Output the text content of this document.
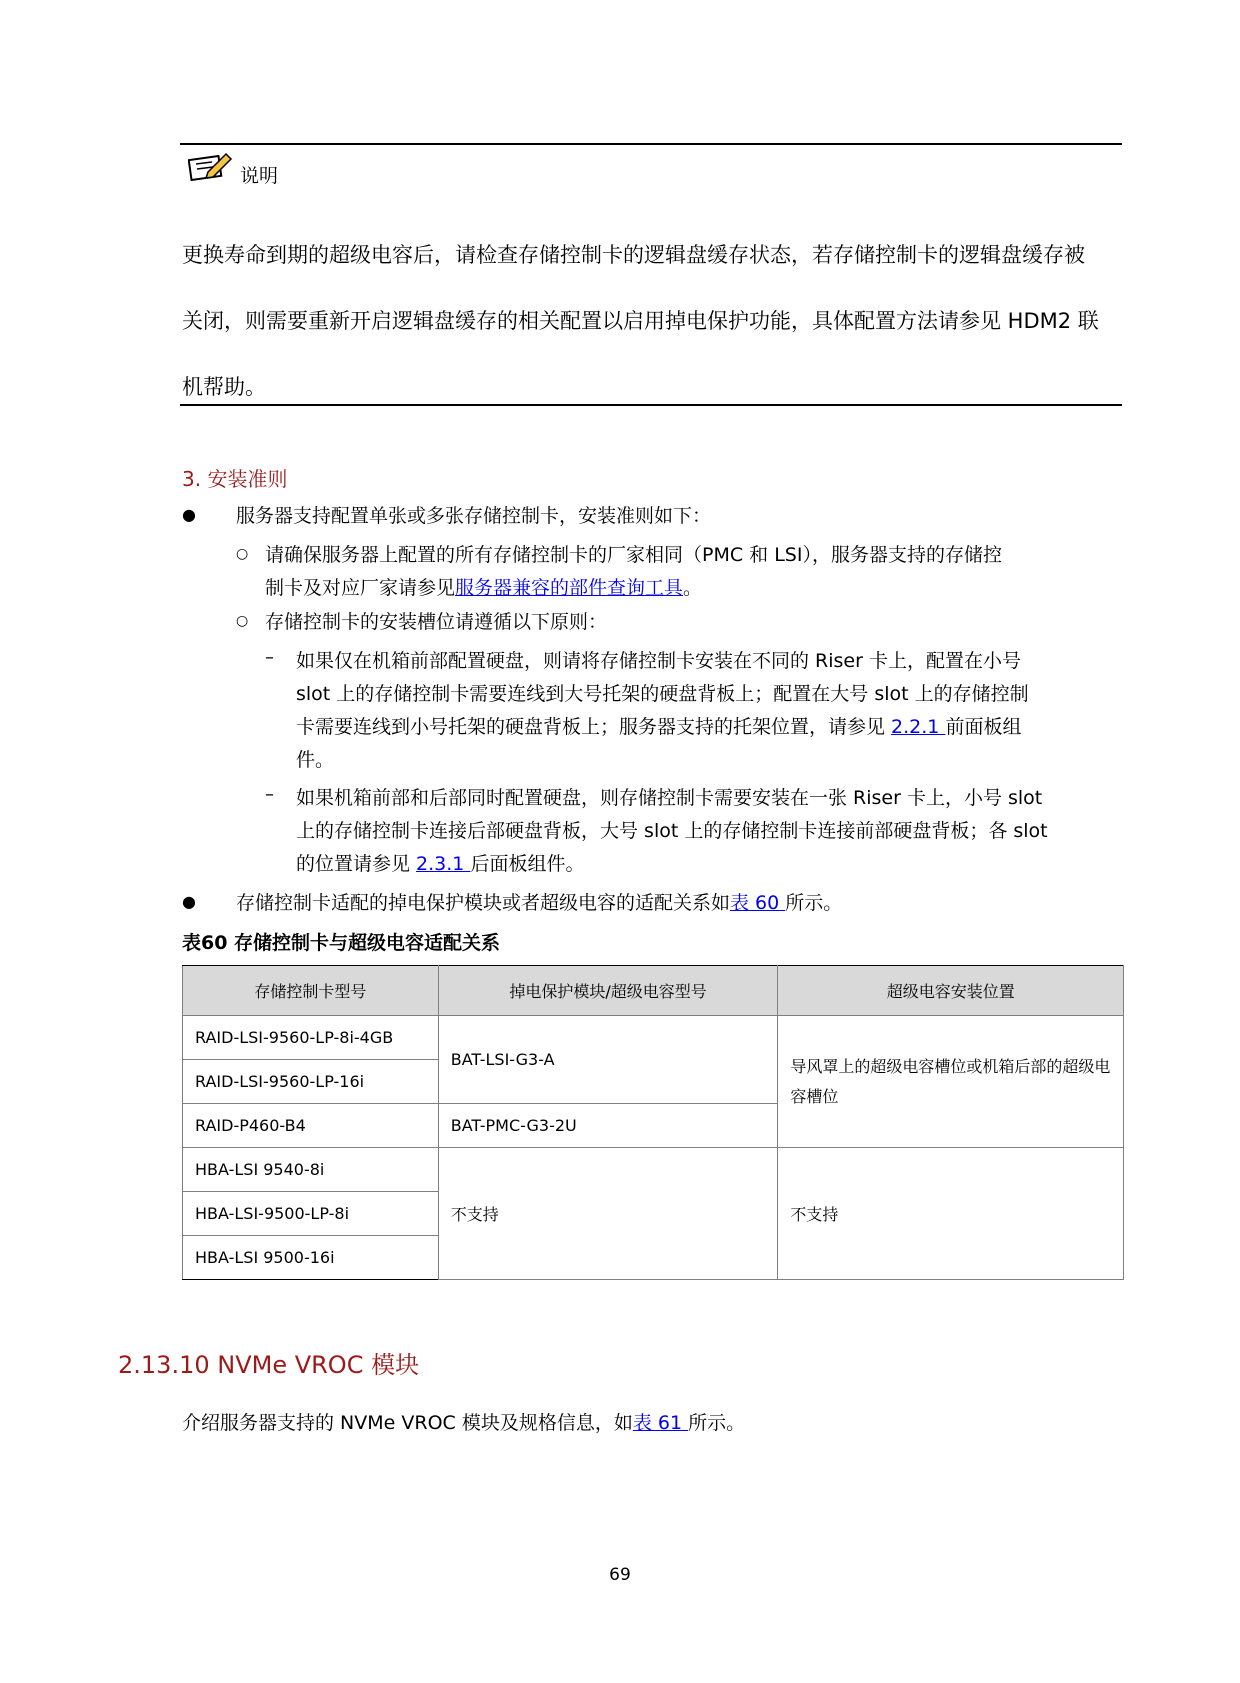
说明
更换寿命到期的超级电容后，请检查存储控制卡的逻辑盘缓存状态，若存储控制卡的逻辑盘缓存被
关闭，则需要重新开启逻辑盘缓存的相关配置以启用掉电保护功能，具体配置方法请参见 HDM2 联
机帮助。
3. 安装准则
● 服务器支持配置单张或多张存储控制卡，安装准则如下：
○ 请确保服务器上配置的所有存储控制卡的厂家相同（PMC 和 LSI），服务器支持的存储控
制卡及对应厂家请参见服务器兼容的部件查询工具。
○ 存储控制卡的安装槽位请遵循以下原则：
– 如果仅在机箱前部配置硬盘，则请将存储控制卡安装在不同的 Riser 卡上，配置在小号
slot 上的存储控制卡需要连线到大号托架的硬盘背板上；配置在大号 slot 上的存储控制
卡需要连线到小号托架的硬盘背板上；服务器支持的托架位置，请参见 2.2.1 前面板组
件。
– 如果机箱前部和后部同时配置硬盘，则存储控制卡需要安装在一张 Riser 卡上，小号 slot
上的存储控制卡连接后部硬盘背板，大号 slot 上的存储控制卡连接前部硬盘背板；各 slot
的位置请参见 2.3.1 后面板组件。
● 存储控制卡适配的掉电保护模块或者超级电容的适配关系如表 60 所示。
表60 存储控制卡与超级电容适配关系
存储控制卡型号	掉电保护模块/超级电容型号	超级电容安装位置
RAID-LSI-9560-LP-8i-4GB	BAT-LSI-G3-A	导风罩上的超级电容槽位或机箱后部的超级电容槽位
RAID-LSI-9560-LP-16i		
RAID-P460-B4	BAT-PMC-G3-2U	
HBA-LSI 9540-8i	不支持	不支持
HBA-LSI-9500-LP-8i		
HBA-LSI 9500-16i		
2.13.10 NVMe VROC 模块
介绍服务器支持的 NVMe VROC 模块及规格信息，如表 61 所示。
69
